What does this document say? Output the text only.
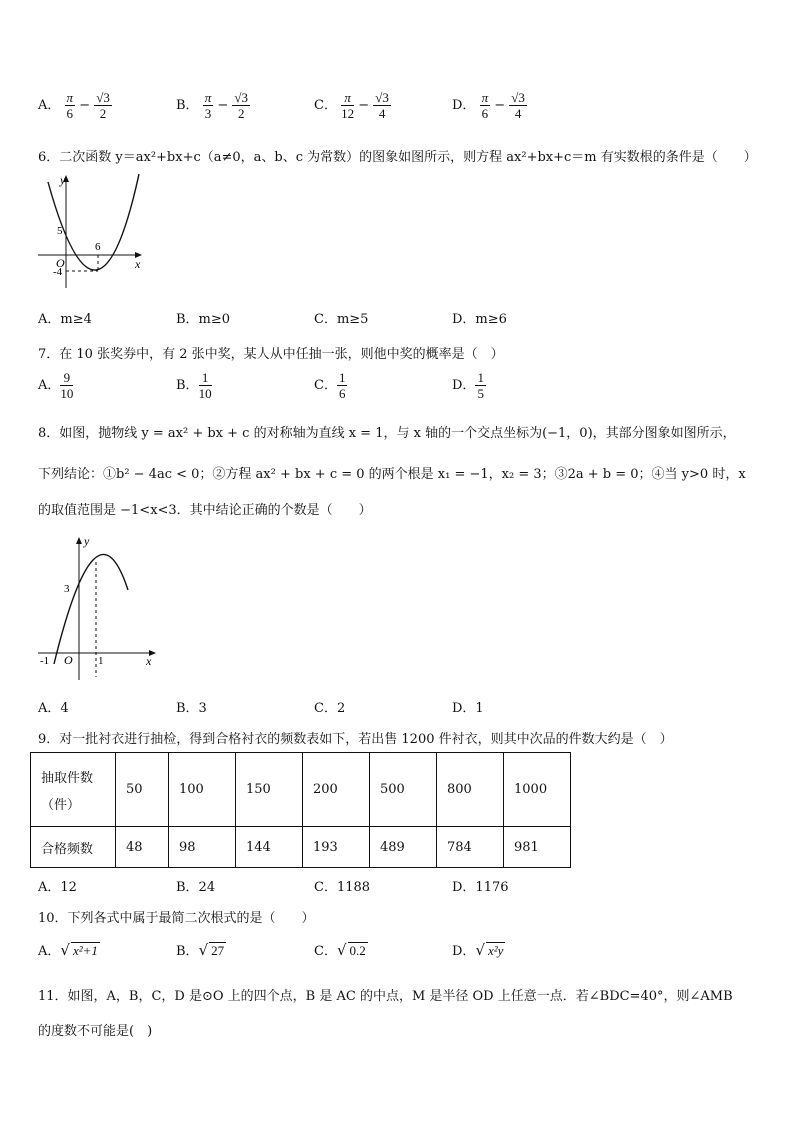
A． $\frac{\pi}{6} - \frac{√3}{2}$	B． $\frac{\pi}{3} - \frac{√3}{2}$	C． $\frac{\pi}{12} - \frac{√3}{4}$	D． $\frac{\pi}{6} - \frac{√3}{4}$
6．二次函数 y＝ax²+bx+c（a≠0，a、b、c 为常数）的图象如图所示，则方程 ax²+bx+c＝m 有实数根的条件是（　　）
y
x
O
5
6
-4
A．m≥4	B．m≥0	C．m≥5	D．m≥6
7．在 10 张奖券中，有 2 张中奖，某人从中任抽一张，则他中奖的概率是（　）
A． $\frac{9}{10}$	B． $\frac{1}{10}$	C． $\frac{1}{6}$	D． $\frac{1}{5}$
8．如图，抛物线 y = ax² + bx + c 的对称轴为直线 x = 1，与 x 轴的一个交点坐标为(−1，0)，其部分图象如图所示，
下列结论：①b² − 4ac < 0；②方程 ax² + bx + c = 0 的两个根是 x₁ = −1，x₂ = 3；③2a + b = 0；④当 y>0 时，x
的取值范围是 −1<x<3．其中结论正确的个数是（　　）
y
x
O
3
-1	1
A．4	B．3	C．2	D．1
9．对一批衬衣进行抽检，得到合格衬衣的频数表如下，若出售 1200 件衬衣，则其中次品的件数大约是（　）
抽取件数
（件）	50	100	150	200	500	800	1000
合格频数	48	98	144	193	489	784	981
A．12	B．24	C．1188	D．1176
10．下列各式中属于最简二次根式的是（　　）
A．√ x²+1	B．√ 27	C．√ 0.2	D．√ x²y
11．如图，A，B，C，D 是⊙O 上的四个点，B 是 AC 的中点，M 是半径 OD 上任意一点．若∠BDC=40°，则∠AMB
的度数不可能是(　)
